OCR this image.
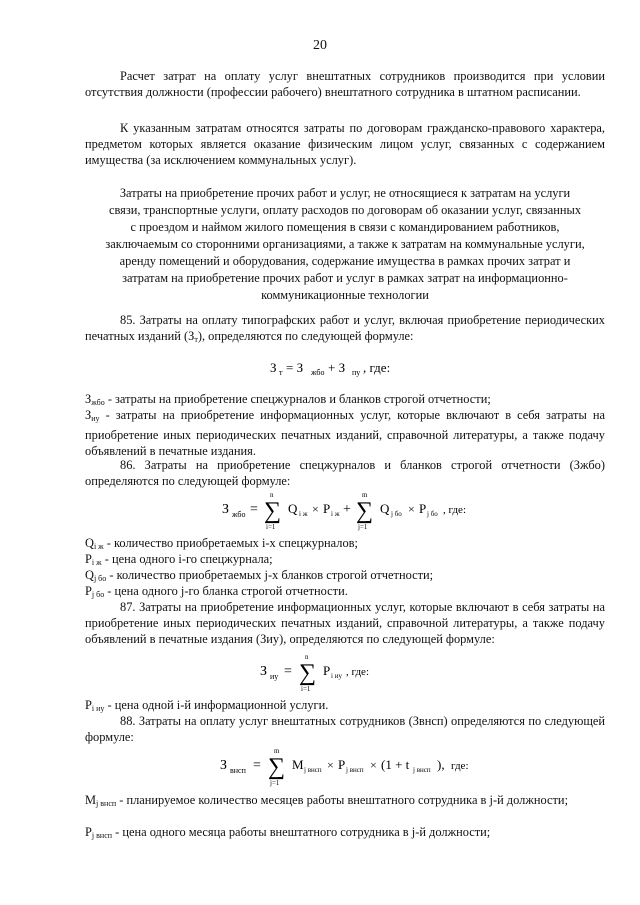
20
Расчет затрат на оплату услуг внештатных сотрудников производится при условии отсутствия должности (профессии рабочего) внештатного сотрудника в штатном расписании.
К указанным затратам относятся затраты по договорам гражданско-правового характера, предметом которых является оказание физическим лицом услуг, связанных с содержанием имущества (за исключением коммунальных услуг).
Затраты на приобретение прочих работ и услуг, не относящиеся к затратам на услуги связи, транспортные услуги, оплату расходов по договорам об оказании услуг, связанных с проездом и наймом жилого помещения в связи с командированием работников, заключаемым со сторонними организациями, а также к затратам на коммунальные услуги, аренду помещений и оборудования, содержание имущества в рамках прочих затрат и затратам на приобретение прочих работ и услуг в рамках затрат на информационно-коммуникационные технологии
85. Затраты на оплату типографских работ и услуг, включая приобретение периодических печатных изданий $(З_т)$, определяются по следующей формуле:
З т = З жбо + З пу , где:
$З_{жбо}$ - затраты на приобретение спецжурналов и бланков строгой отчетности;
$З_{иу}$ - затраты на приобретение информационных услуг, которые включают в себя затраты на приобретение иных периодических печатных изданий, справочной литературы, а также подачу объявлений в печатные издания.
86. Затраты на приобретение спецжурналов и бланков строгой отчетности (Зжбо) определяются по следующей формуле:
З жбо = ∑
n
i=1
Q i ж × P i ж + ∑
m
j=1
Q j бо × P j бо , где:
$Q_{i ж}$ - количество приобретаемых i-х спецжурналов;
$P_{i ж}$ - цена одного i-го спецжурнала;
$Q_{j бо}$ - количество приобретаемых j-х бланков строгой отчетности;
$P_{j бо}$ - цена одного j-го бланка строгой отчетности.
87. Затраты на приобретение информационных услуг, которые включают в себя затраты на приобретение иных периодических печатных изданий, справочной литературы, а также подачу объявлений в печатные издания (Зиу), определяются по следующей формуле:
З иу = ∑
n
i=1
P i иу , где:
$P_{i иу}$ - цена одной i-й информационной услуги.
88. Затраты на оплату услуг внештатных сотрудников (Звнсп) определяются по следующей формуле:
З внсп = ∑
m
j=1
M j внсп × P j внсп × (1 + t j внсп ), где:
$M_{j внсп}$ - планируемое количество месяцев работы внештатного сотрудника в j-й должности;
$P_{j внсп}$ - цена одного месяца работы внештатного сотрудника в j-й должности;
